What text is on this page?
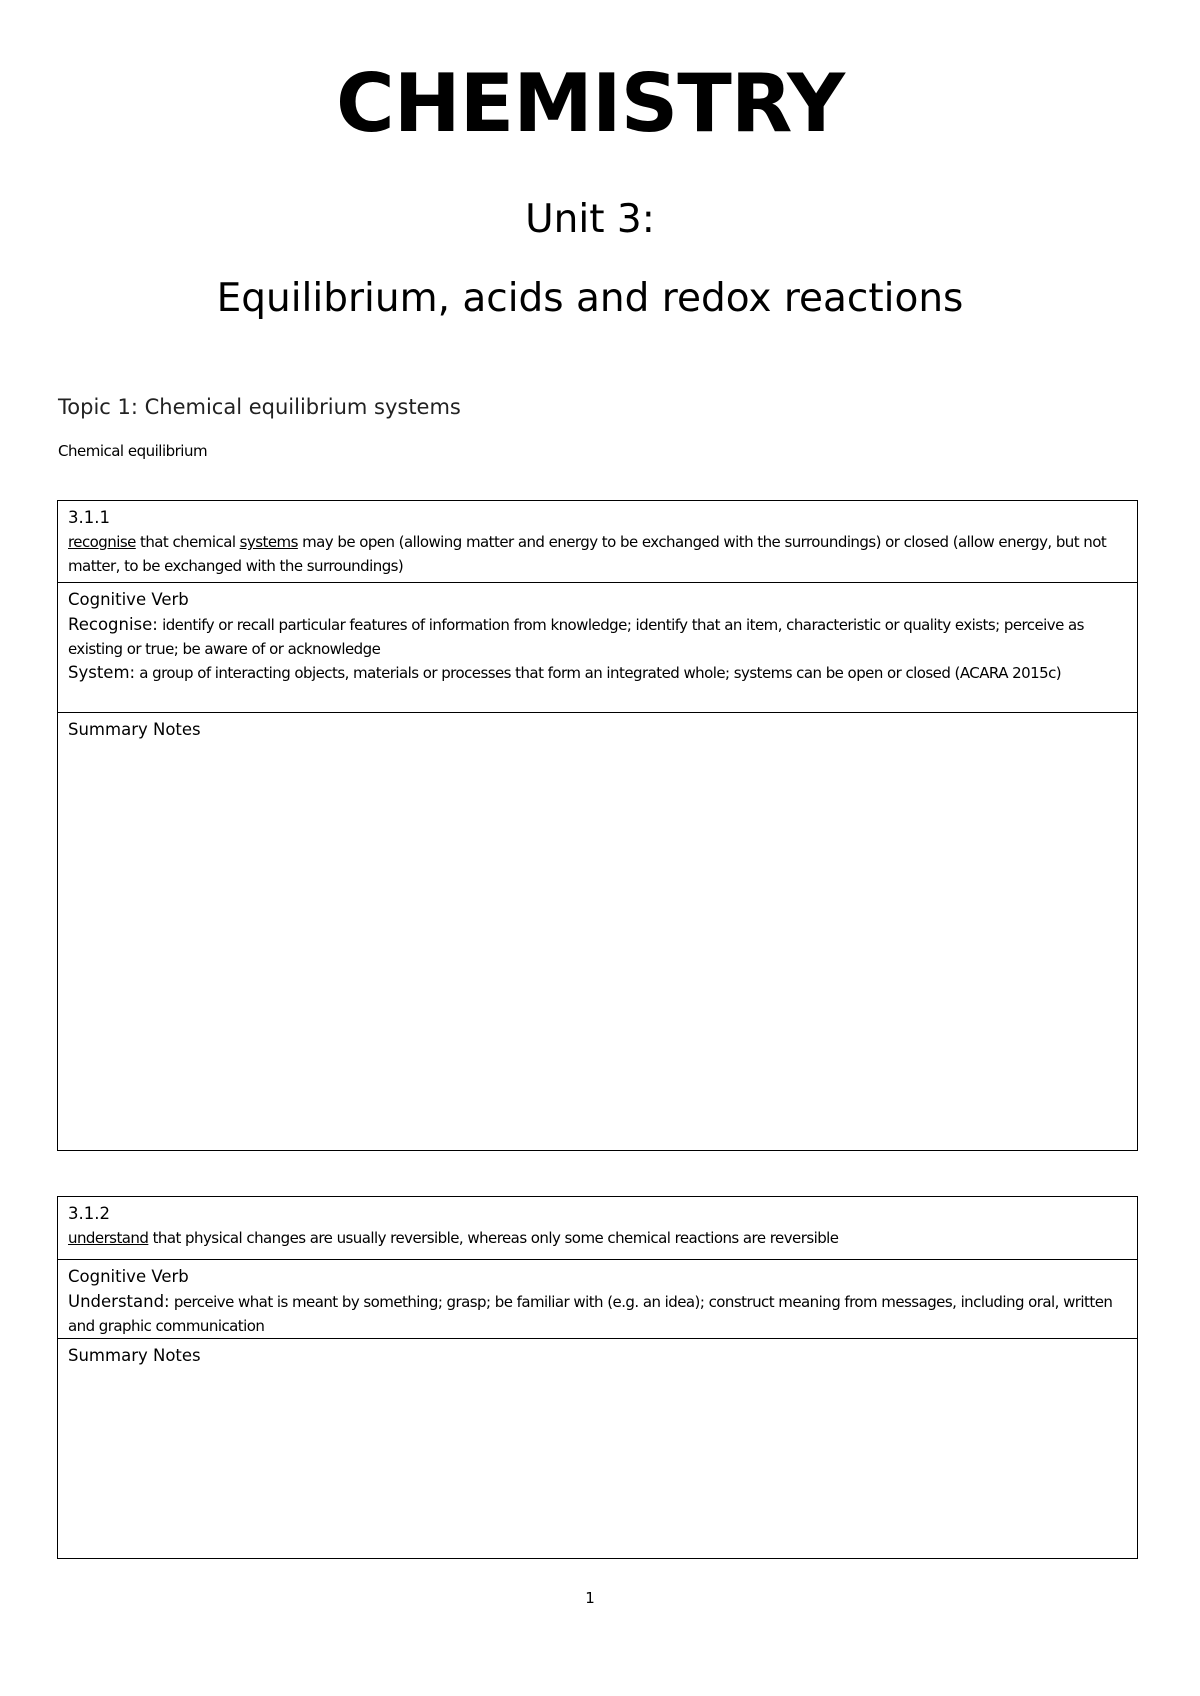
CHEMISTRY
Unit 3:
Equilibrium, acids and redox reactions
Topic 1: Chemical equilibrium systems
Chemical equilibrium
3.1.1
recognise that chemical systems may be open (allowing matter and energy to be exchanged with the surroundings) or closed (allow energy, but not matter, to be exchanged with the surroundings)
Cognitive Verb
Recognise: identify or recall particular features of information from knowledge; identify that an item, characteristic or quality exists; perceive as existing or true; be aware of or acknowledge
System: a group of interacting objects, materials or processes that form an integrated whole; systems can be open or closed (ACARA 2015c)
Summary Notes
3.1.2
understand that physical changes are usually reversible, whereas only some chemical reactions are reversible
Cognitive Verb
Understand: perceive what is meant by something; grasp; be familiar with (e.g. an idea); construct meaning from messages, including oral, written and graphic communication
Summary Notes
1
